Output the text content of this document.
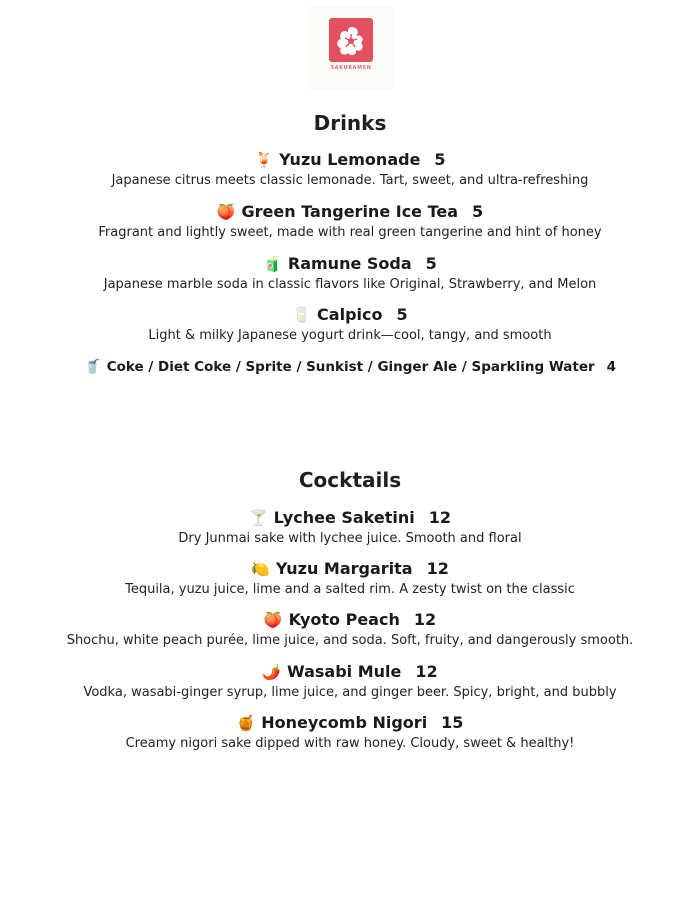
SAKURAMEN
Drinks
🍹 Yuzu Lemonade 5
Japanese citrus meets classic lemonade. Tart, sweet, and ultra-refreshing
🍑 Green Tangerine Ice Tea 5
Fragrant and lightly sweet, made with real green tangerine and hint of honey
🧃 Ramune Soda 5
Japanese marble soda in classic flavors like Original, Strawberry, and Melon
🥛 Calpico 5
Light & milky Japanese yogurt drink—cool, tangy, and smooth
🥤 Coke / Diet Coke / Sprite / Sunkist / Ginger Ale / Sparkling Water 4
Cocktails
🍸 Lychee Saketini 12
Dry Junmai sake with lychee juice. Smooth and floral
🍋 Yuzu Margarita 12
Tequila, yuzu juice, lime and a salted rim. A zesty twist on the classic
🍑 Kyoto Peach 12
Shochu, white peach purée, lime juice, and soda. Soft, fruity, and dangerously smooth.
🌶️ Wasabi Mule 12
Vodka, wasabi-ginger syrup, lime juice, and ginger beer. Spicy, bright, and bubbly
🍯 Honeycomb Nigori 15
Creamy nigori sake dipped with raw honey. Cloudy, sweet & healthy!
